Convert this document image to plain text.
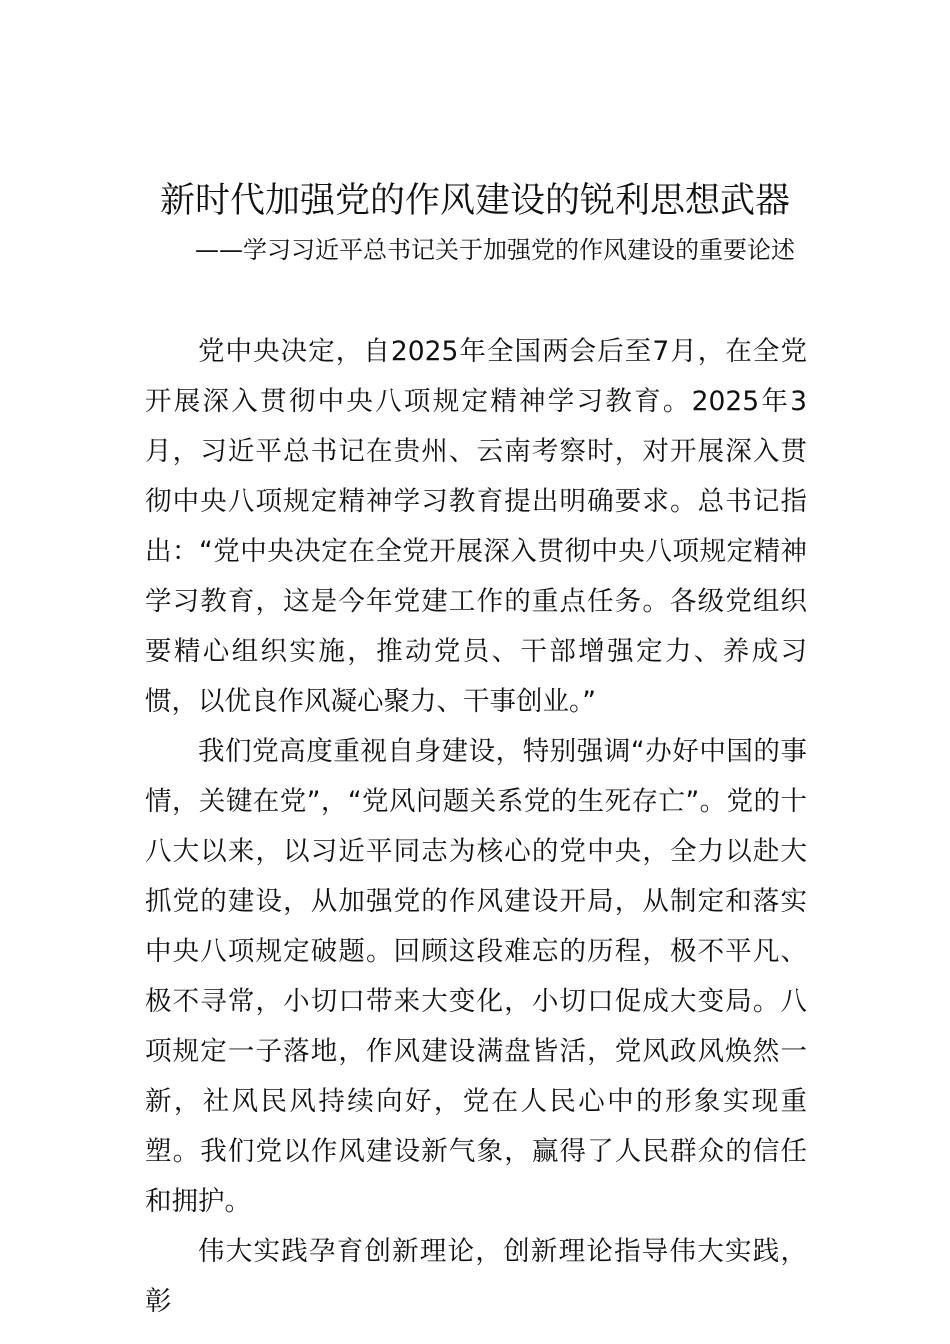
新时代加强党的作风建设的锐利思想武器
——学习习近平总书记关于加强党的作风建设的重要论述

党中央决定，自2025年全国两会后至7月，在全党开展深入贯彻中央八项规定精神学习教育。2025年3月，习近平总书记在贵州、云南考察时，对开展深入贯彻中央八项规定精神学习教育提出明确要求。总书记指出：“党中央决定在全党开展深入贯彻中央八项规定精神学习教育，这是今年党建工作的重点任务。各级党组织要精心组织实施，推动党员、干部增强定力、养成习惯，以优良作风凝心聚力、干事创业。”

我们党高度重视自身建设，特别强调“办好中国的事情，关键在党”，“党风问题关系党的生死存亡”。党的十八大以来，以习近平同志为核心的党中央，全力以赴大抓党的建设，从加强党的作风建设开局，从制定和落实中央八项规定破题。回顾这段难忘的历程，极不平凡、极不寻常，小切口带来大变化，小切口促成大变局。八项规定一子落地，作风建设满盘皆活，党风政风焕然一新，社风民风持续向好，党在人民心中的形象实现重塑。我们党以作风建设新气象，赢得了人民群众的信任和拥护。

伟大实践孕育创新理论，创新理论指导伟大实践，彰
